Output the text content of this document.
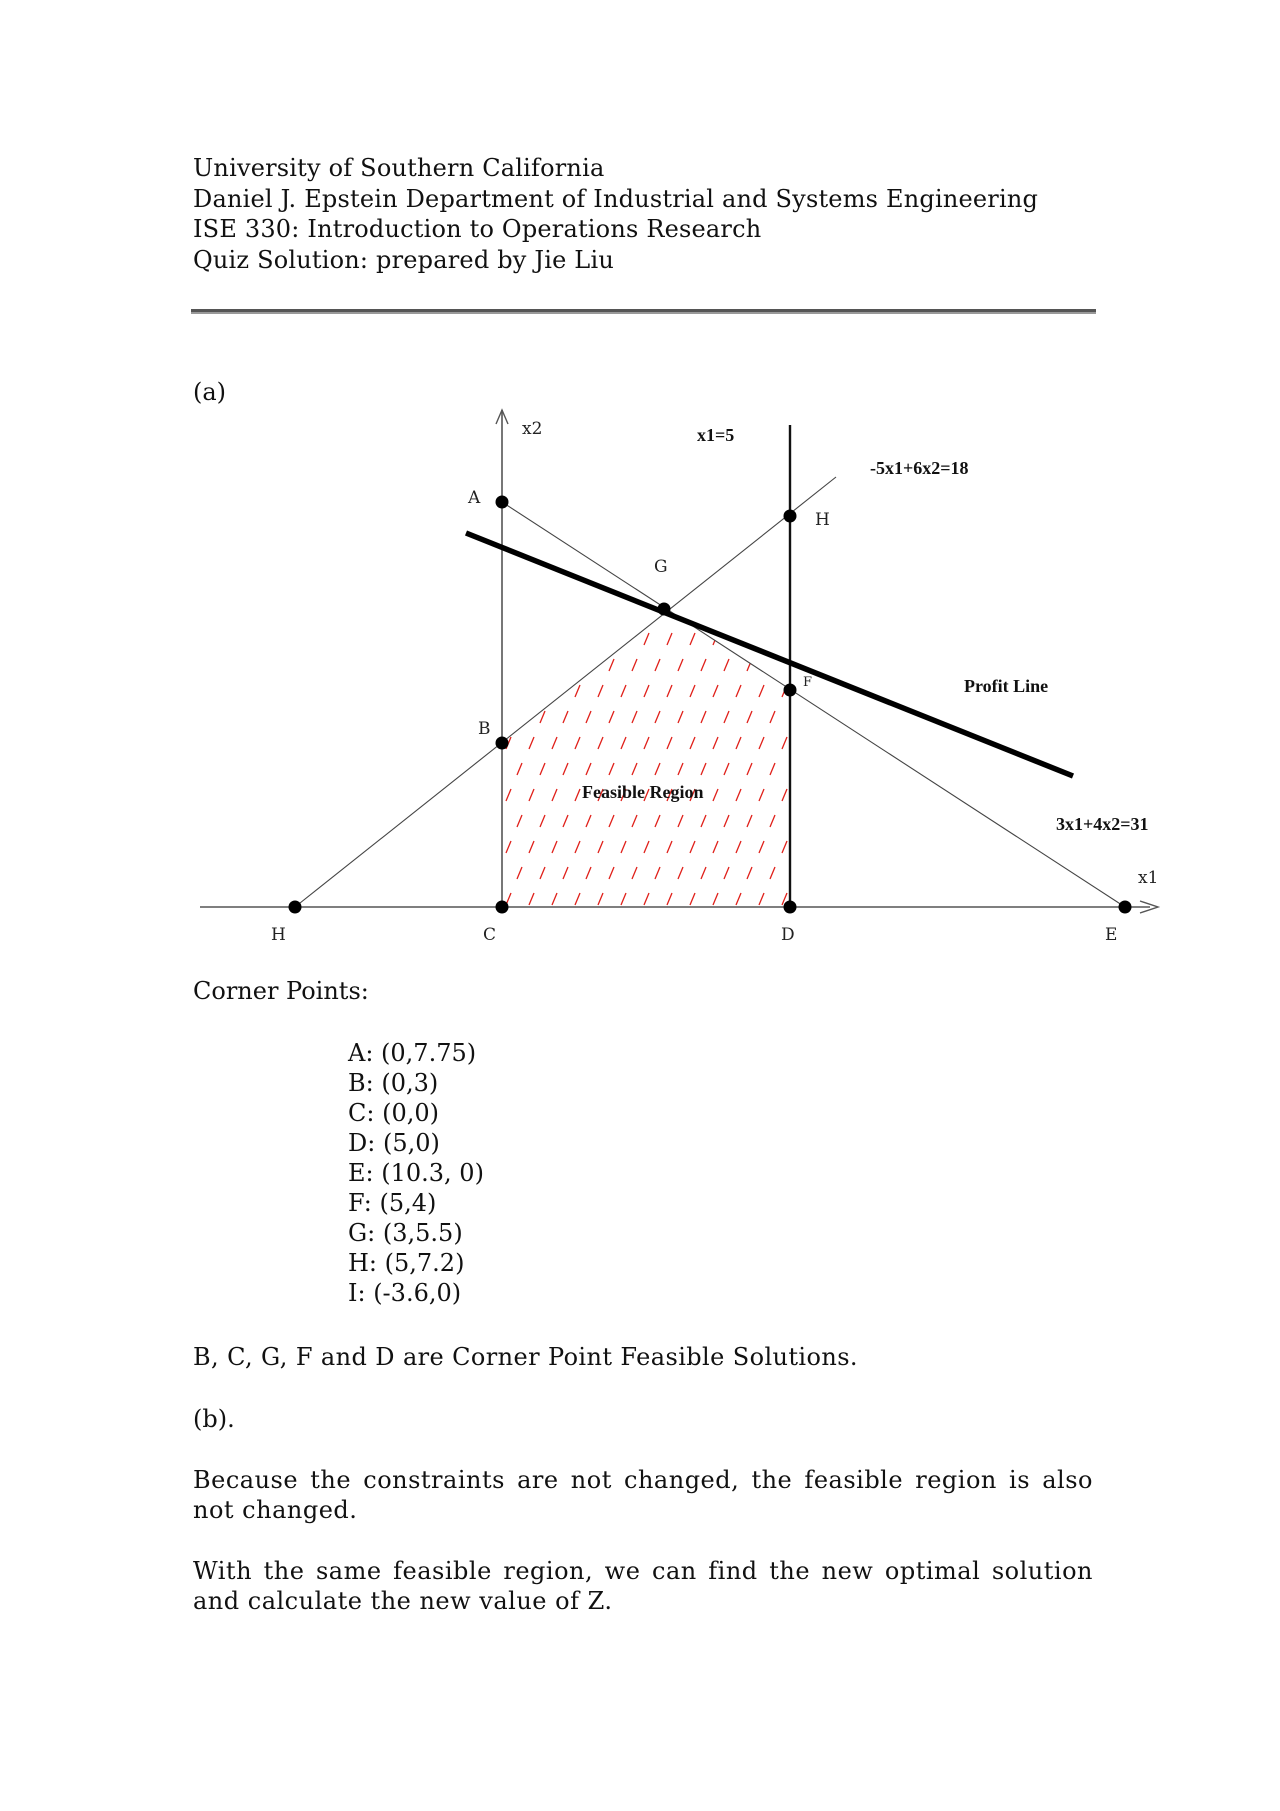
University of Southern California
Daniel J. Epstein Department of Industrial and Systems Engineering
ISE 330: Introduction to Operations Research
Quiz Solution: prepared by Jie Liu
(a)
A
B
C	D	E
F
G
H
H
x2
x1
x1=5
-5x1+6x2=18
3x1+4x2=31
Profit Line
Feasible Region
Corner Points:
A: (0,7.75)
B: (0,3)
C: (0,0)
D: (5,0)
E: (10.3, 0)
F: (5,4)
G: (3,5.5)
H: (5,7.2)
I: (-3.6,0)
B, C, G, F and D are Corner Point Feasible Solutions.
(b).
Because the constraints are not changed, the feasible region is also not changed.
With the same feasible region, we can find the new optimal solution and calculate the new value of Z.
